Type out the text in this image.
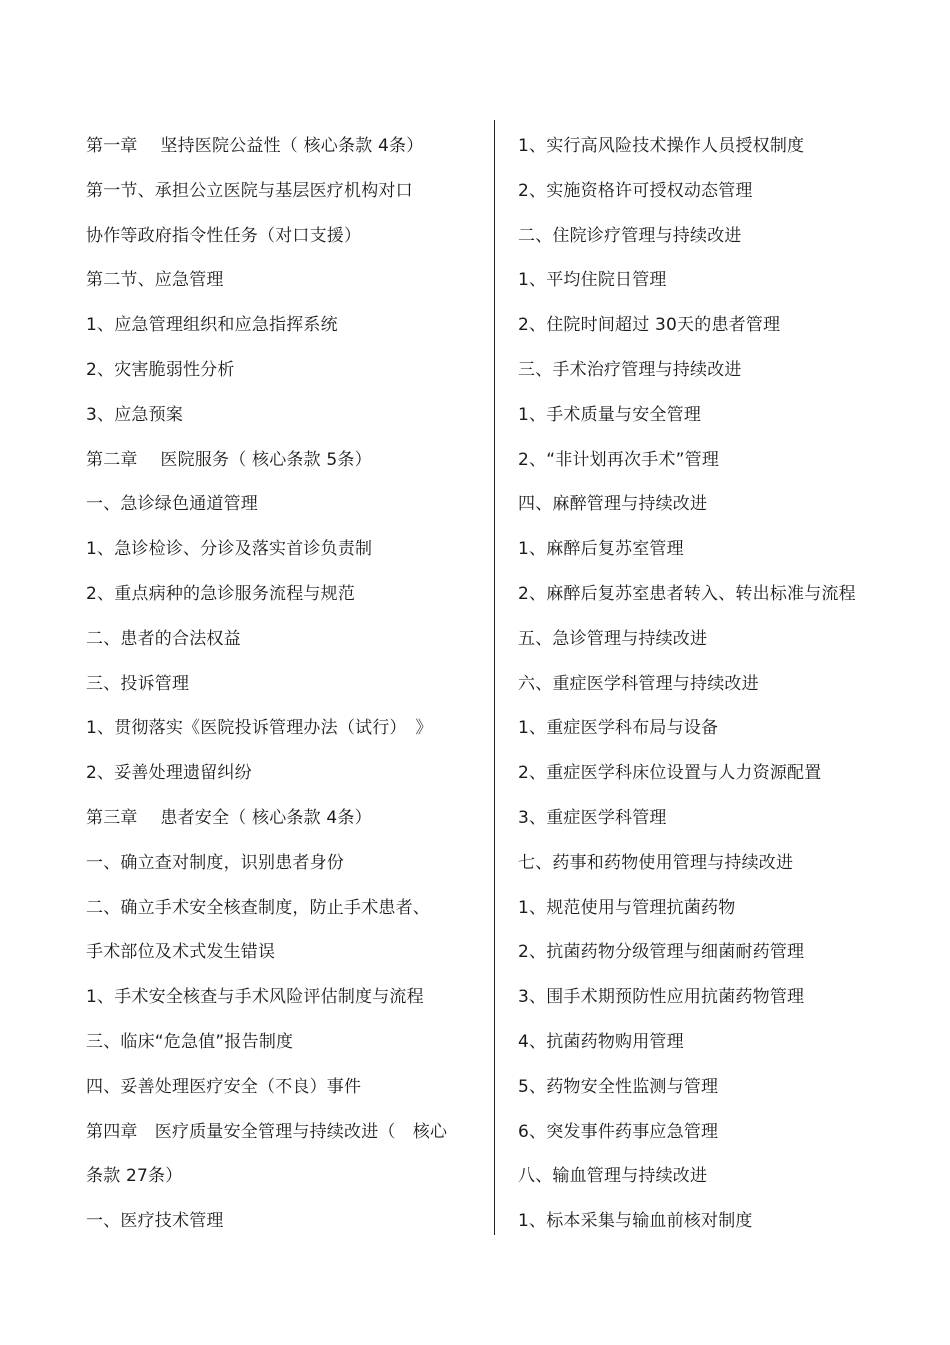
第一章　 坚持医院公益性（ 核心条款 4条）
第一节、承担公立医院与基层医疗机构对口
协作等政府指令性任务（对口支援）
第二节、应急管理
1、应急管理组织和应急指挥系统
2、灾害脆弱性分析
3、应急预案
第二章　 医院服务（ 核心条款 5条）
一、急诊绿色通道管理
1、急诊检诊、分诊及落实首诊负责制
2、重点病种的急诊服务流程与规范
二、患者的合法权益
三、投诉管理
1、贯彻落实《医院投诉管理办法（试行）　》
2、妥善处理遗留纠纷
第三章　 患者安全（ 核心条款 4条）
一、确立查对制度，识别患者身份
二、确立手术安全核查制度，防止手术患者、
手术部位及术式发生错误
1、手术安全核查与手术风险评估制度与流程
三、临床“危急值”报告制度
四、妥善处理医疗安全（不良）事件
第四章　医疗质量安全管理与持续改进（　核心
条款 27条）
一、医疗技术管理
1、实行高风险技术操作人员授权制度
2、实施资格许可授权动态管理
二、住院诊疗管理与持续改进
1、平均住院日管理
2、住院时间超过 30天的患者管理
三、手术治疗管理与持续改进
1、手术质量与安全管理
2、“非计划再次手术”管理
四、麻醉管理与持续改进
1、麻醉后复苏室管理
2、麻醉后复苏室患者转入、转出标准与流程
五、急诊管理与持续改进
六、重症医学科管理与持续改进
1、重症医学科布局与设备
2、重症医学科床位设置与人力资源配置
3、重症医学科管理
七、药事和药物使用管理与持续改进
1、规范使用与管理抗菌药物
2、抗菌药物分级管理与细菌耐药管理
3、围手术期预防性应用抗菌药物管理
4、抗菌药物购用管理
5、药物安全性监测与管理
6、突发事件药事应急管理
八、输血管理与持续改进
1、标本采集与输血前核对制度
